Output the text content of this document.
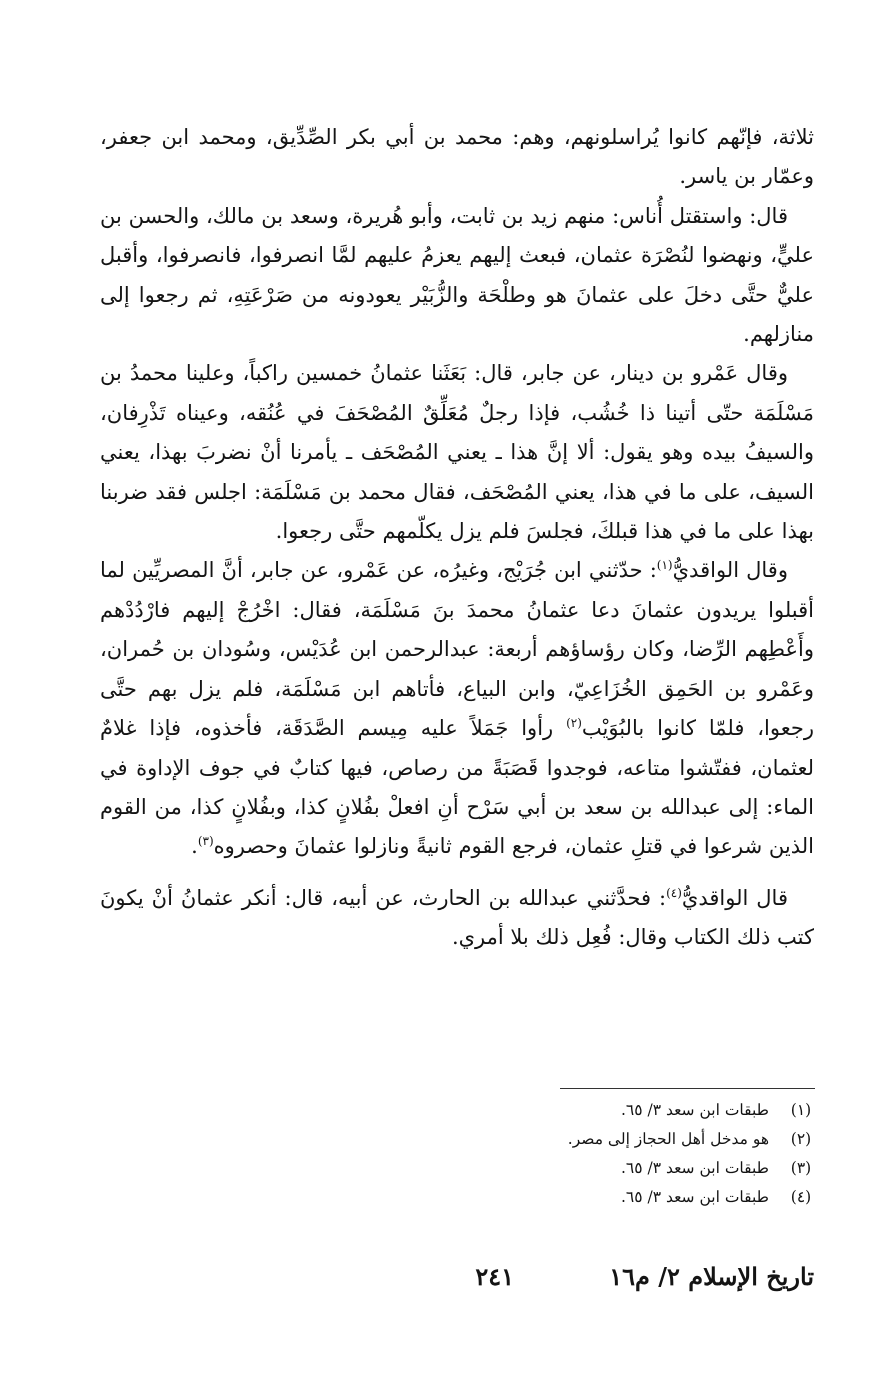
ثلاثة، فإنّهم كانوا يُراسلونهم، وهم: محمد بن أبي بكر الصِّدِّيق، ومحمد ابن جعفر، وعمّار بن ياسر.

قال: واستقتل أُناس: منهم زيد بن ثابت، وأبو هُريرة، وسعد بن مالك، والحسن بن عليٍّ، ونهضوا لنُصْرَة عثمان، فبعث إليهم يعزمُ عليهم لمَّا انصرفوا، فانصرفوا، وأقبل عليٌّ حتَّى دخلَ على عثمانَ هو وطلْحَة والزُّبَيْر يعودونه من صَرْعَتِهِ، ثم رجعوا إلى منازلهم.

وقال عَمْرو بن دينار، عن جابر، قال: بَعَثَنا عثمانُ خمسين راكباً، وعلينا محمدُ بن مَسْلَمَة حتّى أتينا ذا خُشُب، فإذا رجلٌ مُعَلِّقٌ المُصْحَفَ في عُنُقه، وعيناه تَذْرِفان، والسيفُ بيده وهو يقول: ألا إنَّ هذا ـ يعني المُصْحَف ـ يأمرنا أنْ نضربَ بهذا، يعني السيف، على ما في هذا، يعني المُصْحَف، فقال محمد بن مَسْلَمَة: اجلس فقد ضربنا بهذا على ما في هذا قبلكَ، فجلسَ فلم يزل يكلّمهم حتَّى رجعوا.

وقال الواقديُّ$^{(١)}$: حدّثني ابن جُرَيْج، وغيرُه، عن عَمْرو، عن جابر، أنَّ المصريِّين لما أقبلوا يريدون عثمانَ دعا عثمانُ محمدَ بنَ مَسْلَمَة، فقال: اخْرُجْ إليهم فارْدُدْهم وأَعْطِهم الرِّضا، وكان رؤساؤهم أربعة: عبدالرحمن ابن عُدَيْس، وسُودان بن حُمران، وعَمْرو بن الحَمِق الخُزَاعِيّ، وابن البياع، فأتاهم ابن مَسْلَمَة، فلم يزل بهم حتَّى رجعوا، فلمّا كانوا بالبُوَيْب$^{(٢)}$ رأوا جَمَلاً عليه مِيسم الصَّدَقَة، فأخذوه، فإذا غلامٌ لعثمان، ففتّشوا متاعه، فوجدوا قَصَبَةً من رصاص، فيها كتابٌ في جوف الإداوة في الماء: إلى عبدالله بن سعد بن أبي سَرْح أنِ افعلْ بفُلانٍ كذا، وبفُلانٍ كذا، من القوم الذين شرعوا في قتلِ عثمان، فرجع القوم ثانيةً ونازلوا عثمانَ وحصروه$^{(٣)}$.

قال الواقديُّ$^{(٤)}$: فحدَّثني عبدالله بن الحارث، عن أبيه، قال: أنكر عثمانُ أنْ يكونَ كتب ذلك الكتاب وقال: فُعِل ذلك بلا أمري.

(١)
طبقات ابن سعد ٣/ ٦٥.
(٢)
هو مدخل أهل الحجاز إلى مصر.
(٣)
طبقات ابن سعد ٣/ ٦٥.
(٤)
طبقات ابن سعد ٣/ ٦٥.
تاريخ الإسلام ٢/ م١٦
٢٤١
